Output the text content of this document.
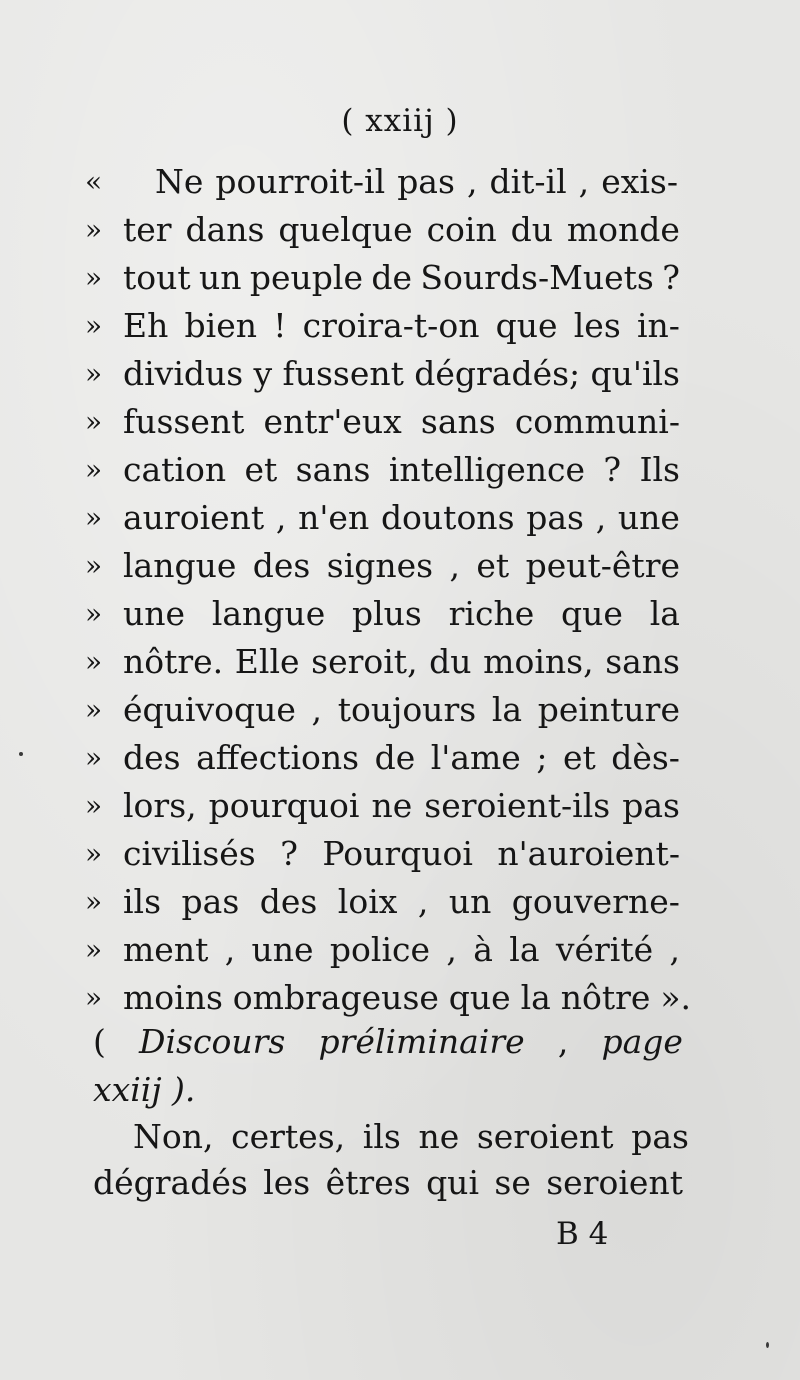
( xxiij )
« Ne pourroit-il pas , dit-il , exis-
» ter dans quelque coin du monde
» tout un peuple de Sourds-Muets ?
» Eh bien ! croira-t-on que les in-
» dividus y fussent dégradés; qu'ils
» fussent entr'eux sans communi-
» cation et sans intelligence ? Ils
» auroient , n'en doutons pas , une
» langue des signes , et peut-être
» une langue plus riche que la
» nôtre. Elle seroit, du moins, sans
» équivoque , toujours la peinture
» des affections de l'ame ; et dès-
» lors, pourquoi ne seroient-ils pas
» civilisés ? Pourquoi n'auroient-
» ils pas des loix , un gouverne-
» ment , une police , à la vérité ,
» moins ombrageuse que la nôtre ».
( Discours préliminaire , page
xxiij ).
Non, certes, ils ne seroient pas
dégradés les êtres qui se seroient
B 4
